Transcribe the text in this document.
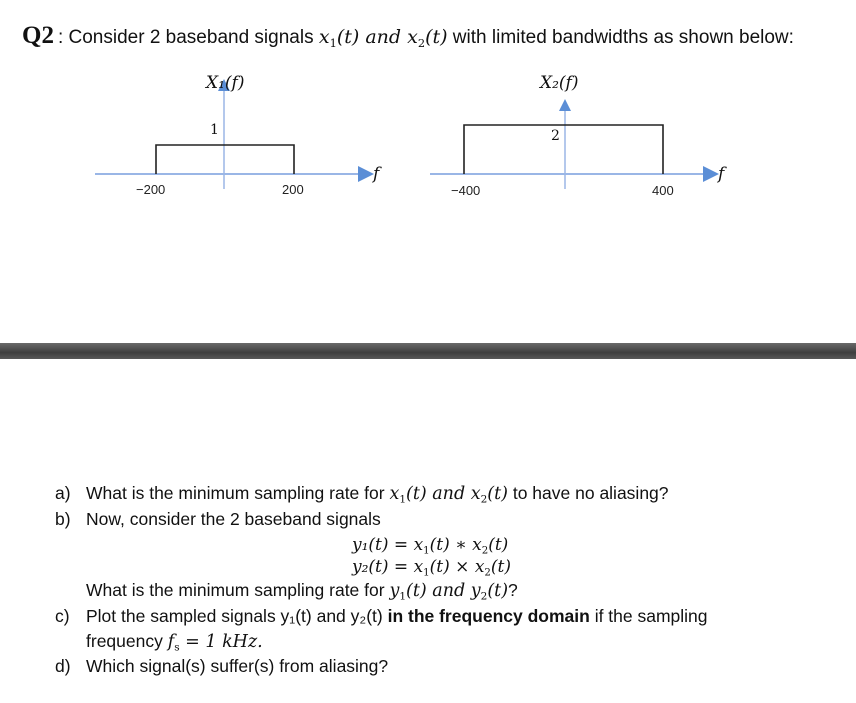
Q2 : Consider 2 baseband signals $x_1(t)$ and $x_2(t)$ with limited bandwidths as shown below:
X₁(f)
1
−200	200
f
X₂(f)
2
−400	400
f
a) What is the minimum sampling rate for $x_1(t)$ and $x_2(t)$ to have no aliasing?
b) Now, consider the 2 baseband signals
$y_1(t) = x_1(t)$ ∗ $x_2(t)$
$y_2(t) = x_1(t) \times x_2(t)$
What is the minimum sampling rate for $y_1(t)$ and $y_2(t)$?
c) Plot the sampled signals y₁(t) and y₂(t) in the frequency domain if the sampling
frequency $f_s = 1$ kHz.
d) Which signal(s) suffer(s) from aliasing?
